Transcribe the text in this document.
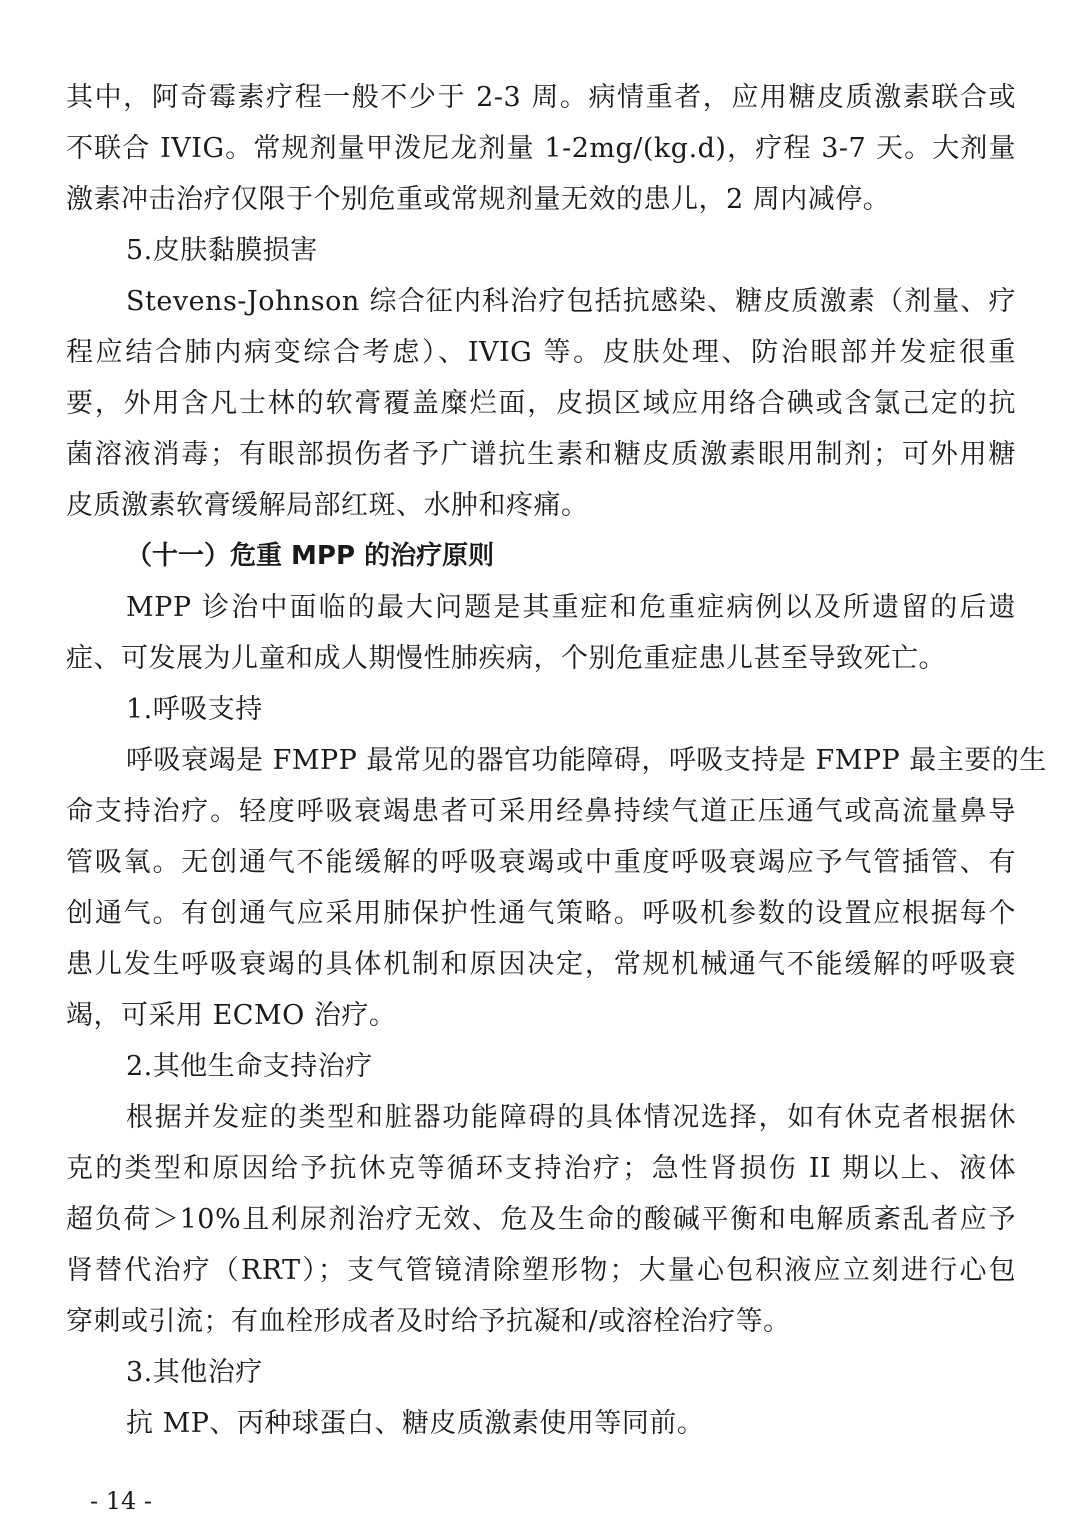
其中，阿奇霉素疗程一般不少于 2-3 周。病情重者，应用糖皮质激素联合或
不联合 IVIG。常规剂量甲泼尼龙剂量 1-2mg/(kg.d)，疗程 3-7 天。大剂量
激素冲击治疗仅限于个别危重或常规剂量无效的患儿，2 周内减停。
5.皮肤黏膜损害
Stevens-Johnson 综合征内科治疗包括抗感染、糖皮质激素（剂量、疗
程应结合肺内病变综合考虑）、IVIG 等。皮肤处理、防治眼部并发症很重
要，外用含凡士林的软膏覆盖糜烂面，皮损区域应用络合碘或含氯己定的抗
菌溶液消毒；有眼部损伤者予广谱抗生素和糖皮质激素眼用制剂；可外用糖
皮质激素软膏缓解局部红斑、水肿和疼痛。
（十一）危重 MPP 的治疗原则
MPP 诊治中面临的最大问题是其重症和危重症病例以及所遗留的后遗
症、可发展为儿童和成人期慢性肺疾病，个别危重症患儿甚至导致死亡。
1.呼吸支持
呼吸衰竭是 FMPP 最常见的器官功能障碍，呼吸支持是 FMPP 最主要的生
命支持治疗。轻度呼吸衰竭患者可采用经鼻持续气道正压通气或高流量鼻导
管吸氧。无创通气不能缓解的呼吸衰竭或中重度呼吸衰竭应予气管插管、有
创通气。有创通气应采用肺保护性通气策略。呼吸机参数的设置应根据每个
患儿发生呼吸衰竭的具体机制和原因决定，常规机械通气不能缓解的呼吸衰
竭，可采用 ECMO 治疗。
2.其他生命支持治疗
根据并发症的类型和脏器功能障碍的具体情况选择，如有休克者根据休
克的类型和原因给予抗休克等循环支持治疗；急性肾损伤 II 期以上、液体
超负荷＞10%且利尿剂治疗无效、危及生命的酸碱平衡和电解质紊乱者应予
肾替代治疗（RRT）；支气管镜清除塑形物；大量心包积液应立刻进行心包
穿刺或引流；有血栓形成者及时给予抗凝和/或溶栓治疗等。
3.其他治疗
抗 MP、丙种球蛋白、糖皮质激素使用等同前。
- 14 -
